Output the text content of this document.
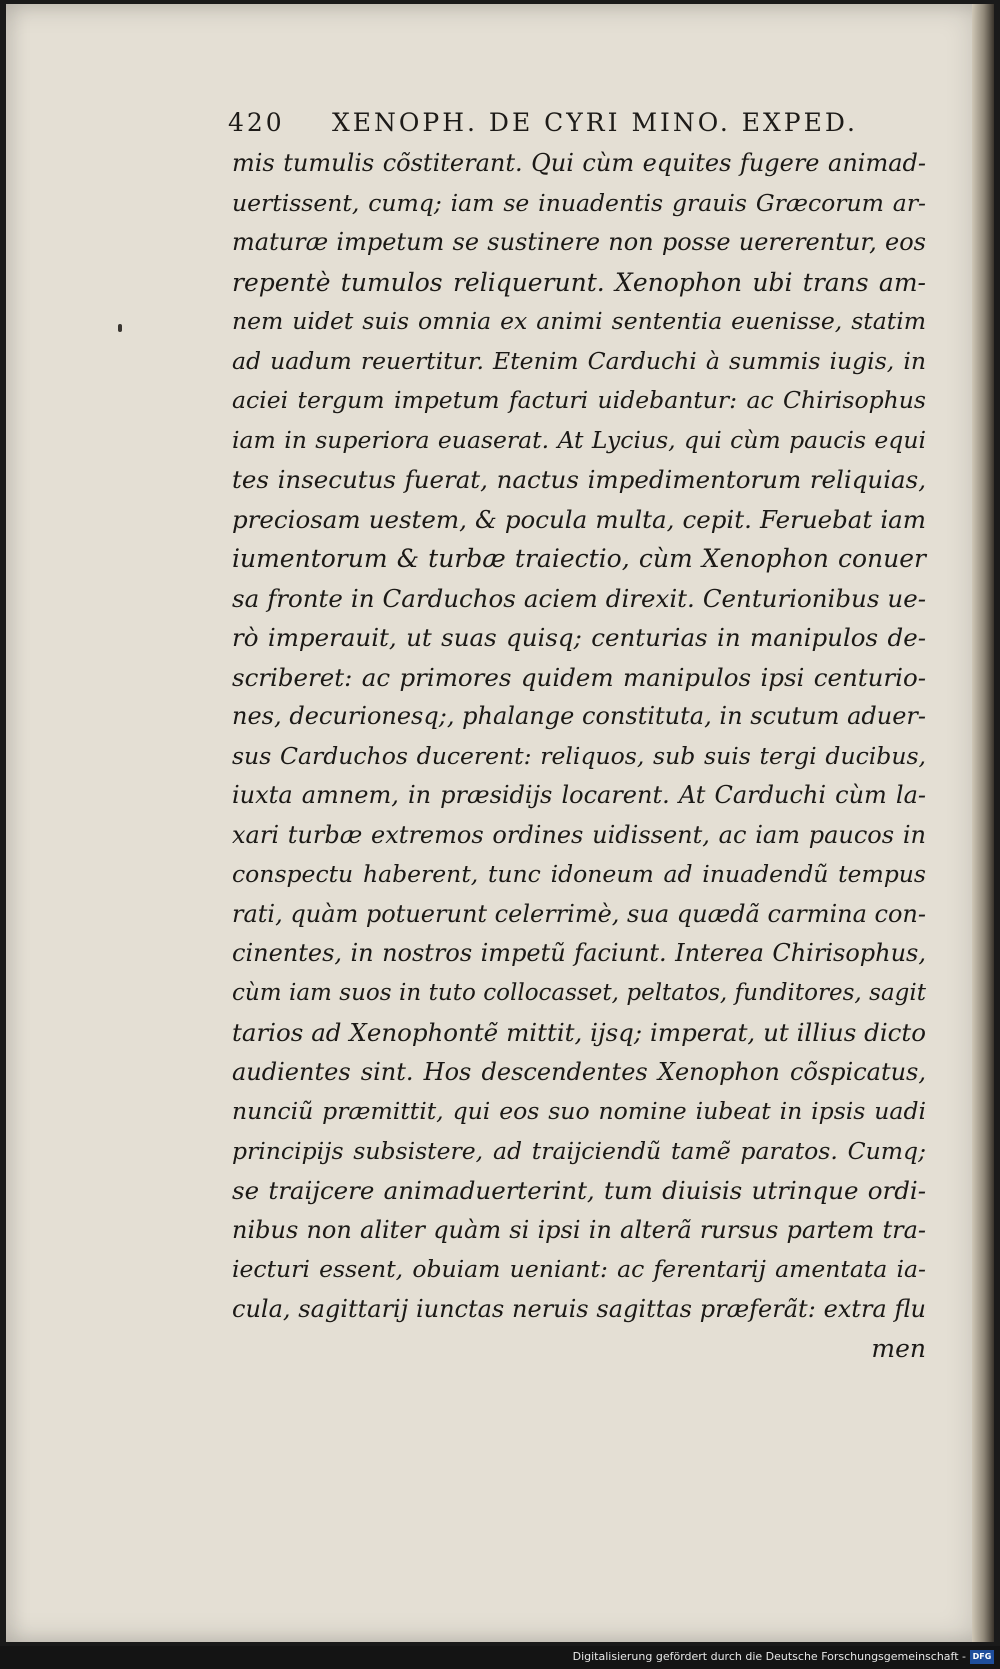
420 XENOPH. DE CYRI MINO. EXPED.
mis tumulis cõstiterant. Qui cùm equites fugere animad-
uertissent, cumq; iam se inuadentis grauis Græcorum ar-
maturæ impetum se sustinere non posse uererentur, eos
repentè tumulos reliquerunt. Xenophon ubi trans am-
nem uidet suis omnia ex animi sententia euenisse, statim
ad uadum reuertitur. Etenim Carduchi à summis iugis, in
aciei tergum impetum facturi uidebantur: ac Chirisophus
iam in superiora euaserat. At Lycius, qui cùm paucis equi
tes insecutus fuerat, nactus impedimentorum reliquias,
preciosam uestem, & pocula multa, cepit. Feruebat iam
iumentorum & turbæ traiectio, cùm Xenophon conuer
sa fronte in Carduchos aciem direxit. Centurionibus ue-
rò imperauit, ut suas quisq; centurias in manipulos de-
scriberet: ac primores quidem manipulos ipsi centurio-
nes, decurionesq;, phalange constituta, in scutum aduer-
sus Carduchos ducerent: reliquos, sub suis tergi ducibus,
iuxta amnem, in præsidijs locarent. At Carduchi cùm la-
xari turbæ extremos ordines uidissent, ac iam paucos in
conspectu haberent, tunc idoneum ad inuadendũ tempus
rati, quàm potuerunt celerrimè, sua quædã carmina con-
cinentes, in nostros impetũ faciunt. Interea Chirisophus,
cùm iam suos in tuto collocasset, peltatos, funditores, sagit
tarios ad Xenophontẽ mittit, ijsq; imperat, ut illius dicto
audientes sint. Hos descendentes Xenophon cõspicatus,
nunciũ præmittit, qui eos suo nomine iubeat in ipsis uadi
principijs subsistere, ad traijciendũ tamẽ paratos. Cumq;
se traijcere animaduerterint, tum diuisis utrinque ordi-
nibus non aliter quàm si ipsi in alterã rursus partem tra-
iecturi essent, obuiam ueniant: ac ferentarij amentata ia-
cula, sagittarij iunctas neruis sagittas præferãt: extra flu
men
Digitalisierung gefördert durch die Deutsche Forschungsgemeinschaft - DFG
